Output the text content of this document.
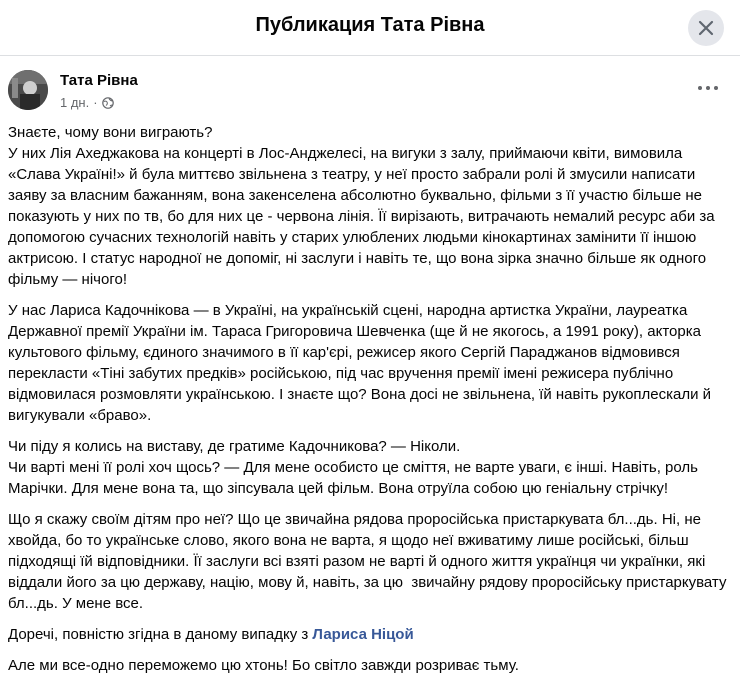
Публикация Тата Рівна
Тата Рівна
1 дн. ·

Знаєте, чому вони виграють?
У них Лія Ахеджакова на концерті в Лос-Анджелесі, на вигуки з залу, приймаючи квіти, вимовила «Слава Україні!» й була миттєво звільнена з театру, у неї просто забрали ролі й змусили написати заяву за власним бажанням, вона закенселена абсолютно буквально, фільми з її участю більше не показують у них по тв, бо для них це - червона лінія. Її вирізають, витрачають немалий ресурс аби за допомогою сучасних технологій навіть у старих улюблених людьми кінокартинах замінити її іншою актрисою. І статус народної не допоміг, ні заслуги і навіть те, що вона зірка значно більше як одного фільму — нічого!

У нас Лариса Кадочнікова — в Україні, на українській сцені, народна артистка України, лауреатка Державної премії України ім. Тараса Григоровича Шевченка (ще й не якогось, а 1991 року), акторка культового фільму, єдиного значимого в її кар'єрі, режисер якого Сергій Параджанов відмовився перекласти «Тіні забутих предків» російською, під час вручення премії імені режисера публічно відмовилася розмовляти українською. І знаєте що? Вона досі не звільнена, їй навіть рукоплескали й вигукували «браво».

Чи піду я колись на виставу, де гратиме Кадочникова? — Ніколи.
Чи варті мені її ролі хоч щось? — Для мене особисто це сміття, не варте уваги, є інші. Навіть, роль Марічки. Для мене вона та, що зіпсувала цей фільм. Вона отруїла собою цю геніальну стрічку!

Що я скажу своїм дітям про неї? Що це звичайна рядова проросійська пристаркувата бл...дь. Ні, не хвойда, бо то українське слово, якого вона не варта, я щодо неї вживатиму лише російські, більш підходящі їй відповідники. Її заслуги всі взяті разом не варті й одного життя українця чи українки, які віддали його за цю державу, націю, мову й, навіть, за цю  звичайну рядову проросійську пристаркувату бл...дь. У мене все.

Доречі, повністю згідна в даному випадку з Лариса Ніцой

Але ми все-одно переможемо цю хтонь! Бо світло завжди розриває тьму.
